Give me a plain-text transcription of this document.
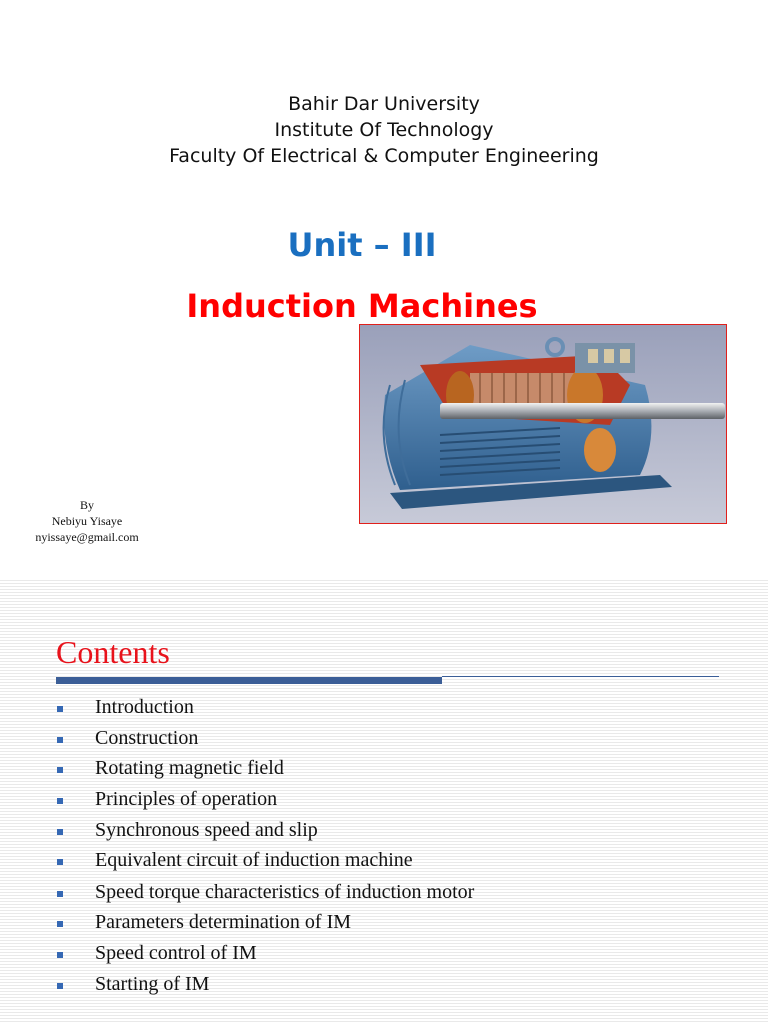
Bahir Dar University
Institute Of Technology
Faculty Of Electrical & Computer Engineering
Unit – III
Induction Machines
By
Nebiyu Yisaye
nyissaye@gmail.com
Contents
Introduction
Construction
Rotating magnetic field
Principles of operation
Synchronous speed and slip
Equivalent circuit of induction machine
Speed torque characteristics of induction motor
Parameters determination of IM
Speed control of IM
Starting of IM
